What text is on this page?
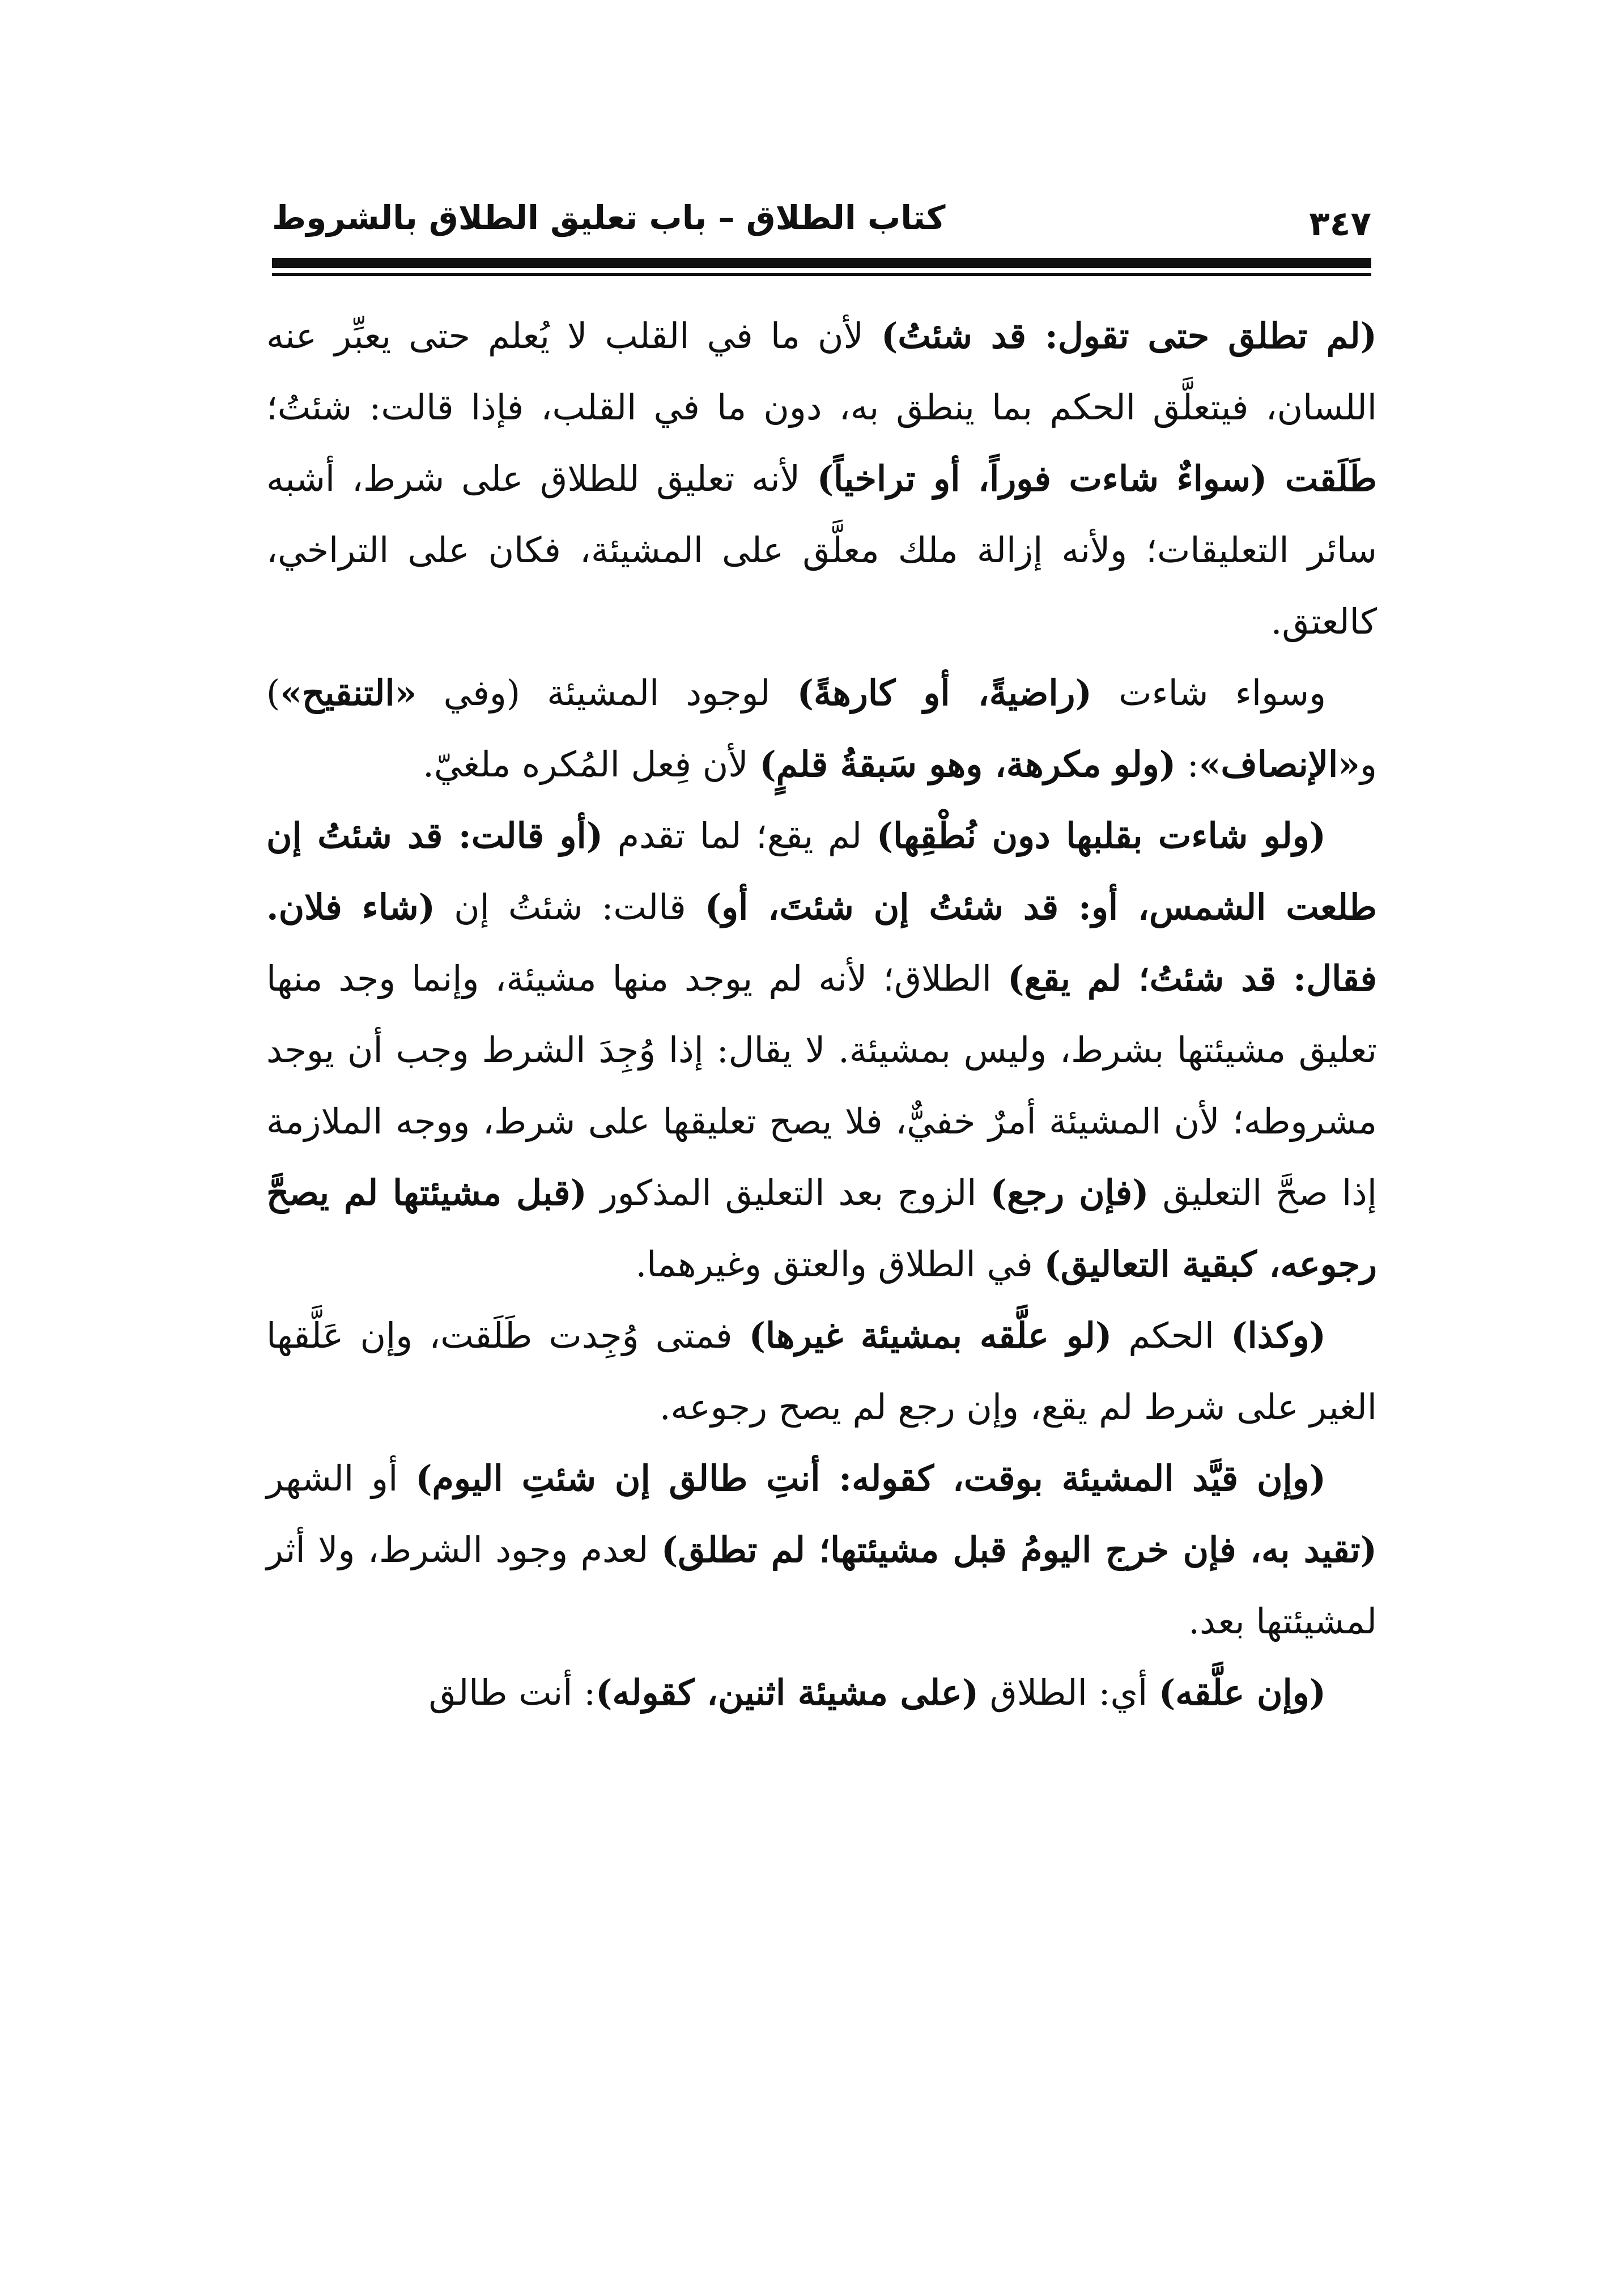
٣٤٧
كتاب الطلاق – باب تعليق الطلاق بالشروط

(لم تطلق حتى تقول: قد شئتُ) لأن ما في القلب لا يُعلم حتى يعبِّر عنه اللسان، فيتعلَّق الحكم بما ينطق به، دون ما في القلب، فإذا قالت: شئتُ؛ طَلَقت (سواءٌ شاءت فوراً، أو تراخياً) لأنه تعليق للطلاق على شرط، أشبه سائر التعليقات؛ ولأنه إزالة ملك معلَّق على المشيئة، فكان على التراخي، كالعتق.

وسواء شاءت (راضيةً، أو كارهةً) لوجود المشيئة (وفي «التنقيح») و«الإنصاف»: (ولو مكرهة، وهو سَبقةُ قلمٍ) لأن فِعل المُكره ملغيّ.

(ولو شاءت بقلبها دون نُطْقِها) لم يقع؛ لما تقدم (أو قالت: قد شئتُ إن طلعت الشمس، أو: قد شئتُ إن شئتَ، أو) قالت: شئتُ إن (شاء فلان. فقال: قد شئتُ؛ لم يقع) الطلاق؛ لأنه لم يوجد منها مشيئة، وإنما وجد منها تعليق مشيئتها بشرط، وليس بمشيئة. لا يقال: إذا وُجِدَ الشرط وجب أن يوجد مشروطه؛ لأن المشيئة أمرٌ خفيٌّ، فلا يصح تعليقها على شرط، ووجه الملازمة إذا صحَّ التعليق (فإن رجع) الزوج بعد التعليق المذكور (قبل مشيئتها لم يصحَّ رجوعه، كبقية التعاليق) في الطلاق والعتق وغيرهما.

(وكذا) الحكم (لو علَّقه بمشيئة غيرها) فمتى وُجِدت طَلَقت، وإن عَلَّقها الغير على شرط لم يقع، وإن رجع لم يصح رجوعه.

(وإن قيَّد المشيئة بوقت، كقوله: أنتِ طالق إن شئتِ اليوم) أو الشهر (تقيد به، فإن خرج اليومُ قبل مشيئتها؛ لم تطلق) لعدم وجود الشرط، ولا أثر لمشيئتها بعد.

(وإن علَّقه) أي: الطلاق (على مشيئة اثنين، كقوله): أنت طالق
